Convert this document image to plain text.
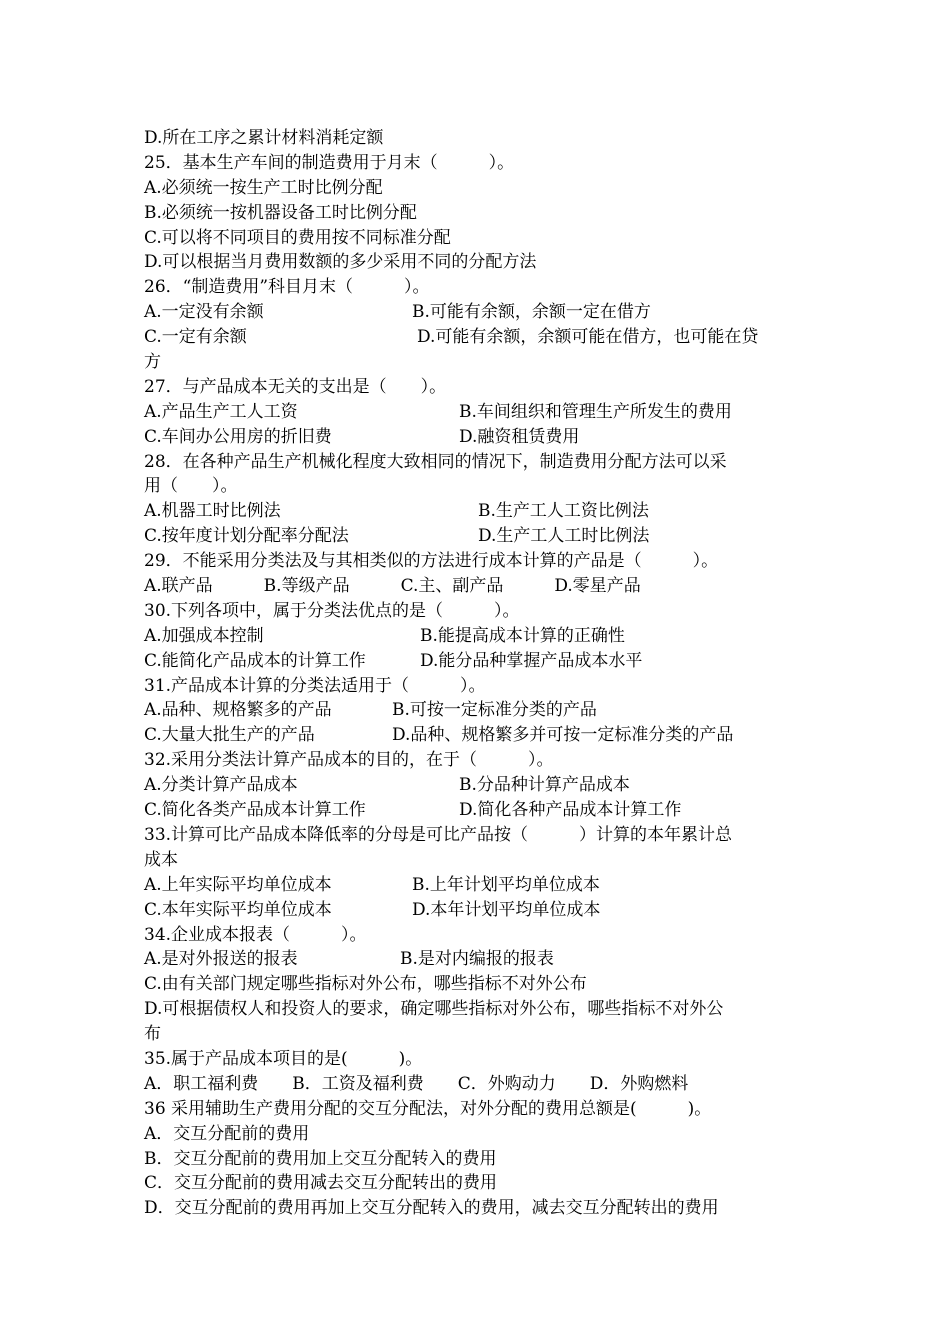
D.所在工序之累计材料消耗定额
25．基本生产车间的制造费用于月末（　　　）。
A.必须统一按生产工时比例分配
B.必须统一按机器设备工时比例分配
C.可以将不同项目的费用按不同标准分配
D.可以根据当月费用数额的多少采用不同的分配方法
26．“制造费用”科目月末（　　　）。
A.一定没有余额	B.可能有余额，余额一定在借方
C.一定有余额	D.可能有余额，余额可能在借方，也可能在贷
方
27．与产品成本无关的支出是（　　）。
A.产品生产工人工资	B.车间组织和管理生产所发生的费用
C.车间办公用房的折旧费	D.融资租赁费用
28．在各种产品生产机械化程度大致相同的情况下，制造费用分配方法可以采
用（　　）。
A.机器工时比例法	B.生产工人工资比例法
C.按年度计划分配率分配法	D.生产工人工时比例法
29．不能采用分类法及与其相类似的方法进行成本计算的产品是（　　　）。
A.联产品　　　B.等级产品　　　C.主、副产品　　　D.零星产品
30.下列各项中，属于分类法优点的是（　　　）。
A.加强成本控制	B.能提高成本计算的正确性
C.能简化产品成本的计算工作	D.能分品种掌握产品成本水平
31.产品成本计算的分类法适用于（　　　）。
A.品种、规格繁多的产品	B.可按一定标准分类的产品
C.大量大批生产的产品	D.品种、规格繁多并可按一定标准分类的产品
32.采用分类法计算产品成本的目的，在于（　　　）。
A.分类计算产品成本	B.分品种计算产品成本
C.简化各类产品成本计算工作	D.简化各种产品成本计算工作
33.计算可比产品成本降低率的分母是可比产品按（　　　）计算的本年累计总
成本
A.上年实际平均单位成本	B.上年计划平均单位成本
C.本年实际平均单位成本	D.本年计划平均单位成本
34.企业成本报表（　　　）。
A.是对外报送的报表	B.是对内编报的报表
C.由有关部门规定哪些指标对外公布，哪些指标不对外公布
D.可根据债权人和投资人的要求，确定哪些指标对外公布，哪些指标不对外公
布
35.属于产品成本项目的是(　　　)。
A．职工福利费　　B．工资及福利费　　C．外购动力　　D．外购燃料
36 采用辅助生产费用分配的交互分配法，对外分配的费用总额是(　　　)。
A．交互分配前的费用
B．交互分配前的费用加上交互分配转入的费用
C．交互分配前的费用减去交互分配转出的费用
D．交互分配前的费用再加上交互分配转入的费用，减去交互分配转出的费用
